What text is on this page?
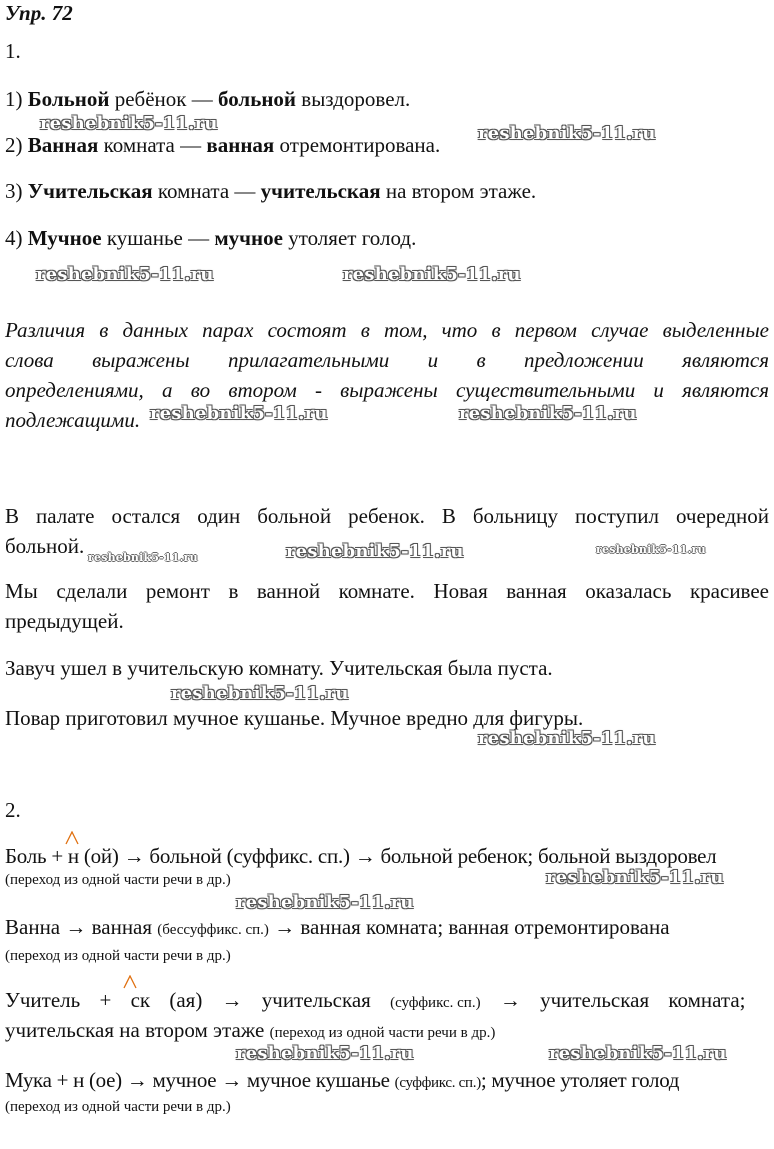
Упр. 72
1.
1) Больной ребёнок — больной выздоровел.
2) Ванная комната — ванная отремонтирована.
3) Учительская комната — учительская на втором этаже.
4) Мучное кушанье — мучное утоляет голод.
Различия в данных парах состоят в том, что в первом случае выделенные
слова выражены прилагательными и в предложении являются
определениями, а во втором - выражены существительными и являются
подлежащими.
В палате остался один больной ребенок. В больницу поступил очередной
больной.
Мы сделали ремонт в ванной комнате. Новая ванная оказалась красивее
предыдущей.
Завуч ушел в учительскую комнату. Учительская была пуста.
Повар приготовил мучное кушанье. Мучное вредно для фигуры.
2.
Боль + н (ой) → больной (суффикс. сп.) → больной ребенок; больной выздоровел
(переход из одной части речи в др.)
Ванна → ванная (бессуффикс. сп.) → ванная комната; ванная отремонтирована
(переход из одной части речи в др.)
Учитель + ск (ая) → учительская (суффикс. сп.) → учительская комната;
учительская на втором этаже (переход из одной части речи в др.)
Мука + н (ое) → мучное → мучное кушанье (суффикс. сп.); мучное утоляет голод
(переход из одной части речи в др.)
reshebnik5-11.ru	reshebnik5-11.ru
reshebnik5-11.ru	reshebnik5-11.ru
reshebnik5-11.ru	reshebnik5-11.ru
reshebnik5-11.ru	reshebnik5-11.ru	reshebnik5-11.ru
reshebnik5-11.ru
reshebnik5-11.ru
reshebnik5-11.ru
reshebnik5-11.ru
reshebnik5-11.ru	reshebnik5-11.ru
